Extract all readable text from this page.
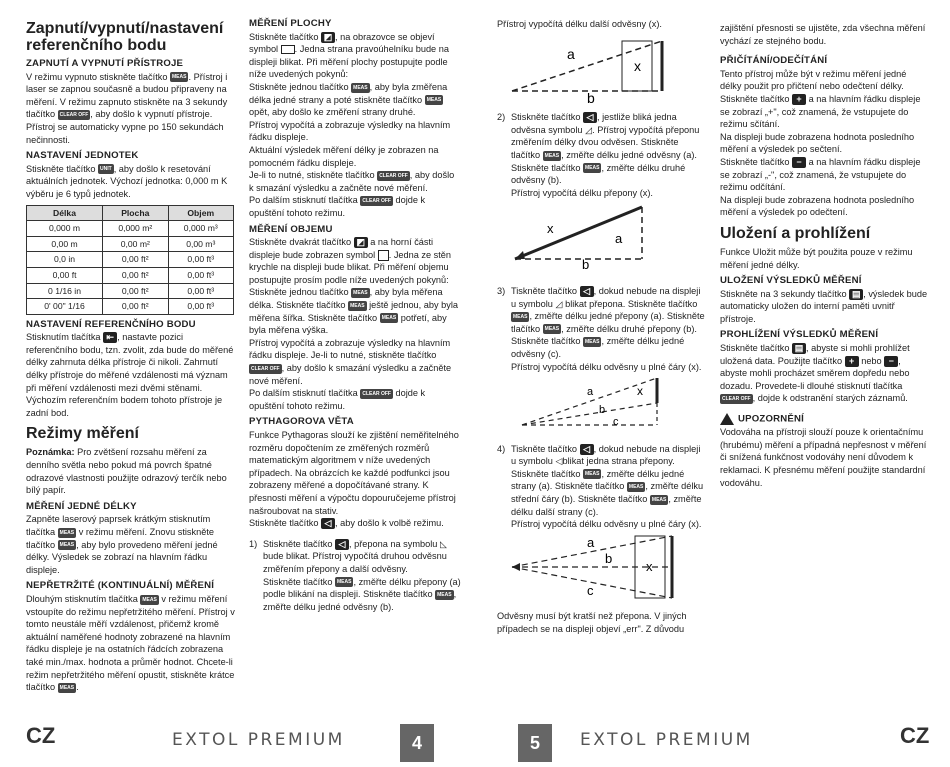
Zapnutí/vypnutí/nastavení referenčního bodu
ZAPNUTÍ A VYPNUTÍ PŘÍSTROJE

V režimu vypnuto stiskněte tlačítko MEAS . Přístroj i laser se zapnou současně a budou připraveny na měření. V režimu zapnuto stiskněte na 3 sekundy tlačítko CLEAR OFF , aby došlo k vypnutí přístroje. Přístroj se automaticky vypne po 150 sekundách nečinnosti.

NASTAVENÍ JEDNOTEK

Stiskněte tlačítko UNIT , aby došlo k resetování aktuálních jednotek. Výchozí jednotka: 0,000 m K výběru je 6 typů jednotek.

Délka	Plocha	Objem
0,000 m	0,000 m²	0,000 m³
0,00 m	0,00 m²	0,00 m³
0,0 in	0,00 ft²	0,00 ft³
0,00 ft	0,00 ft²	0,00 ft³
0 1/16 in	0,00 ft²	0,00 ft³
0' 00" 1/16	0,00 ft²	0,00 ft³
NASTAVENÍ REFERENČNÍHO BODU

Stisknutím tlačítka ⇤ , nastavte pozici referenčního bodu, tzn. zvolit, zda bude do měřené délky zahrnuta délka přístroje či nikoli. Zahrnutí délky přístroje do měřené vzdálenosti má význam při měření vzdálenosti mezi dvěmi stěnami. Výchozím referenčním bodem tohoto přístroje je zadní bod.

Režimy měření

Poznámka: Pro zvětšení rozsahu měření za denního světla nebo pokud má povrch špatné odrazové vlastnosti použijte odrazový terčík nebo bílý papír.

MĚŘENÍ JEDNÉ DÉLKY

Zapněte laserový paprsek krátkým stisknutím tlačítka MEAS v režimu měření. Znovu stiskněte tlačítko MEAS , aby bylo provedeno měření jedné délky. Výsledek se zobrazí na hlavním řádku displeje.

NEPŘETRŽITÉ (KONTINUÁLNÍ) MĚŘENÍ

Dlouhým stisknutím tlačítka MEAS v režimu měření vstoupíte do režimu nepřetržitého měření. Přístroj v tomto neustále měří vzdálenost, přičemž kromě aktuální naměřené hodnoty zobrazené na hlavním řádku displeje je na ostatních řádcích zobrazena také min./max. hodnota a průměr hodnot. Chcete-li režim nepřetržitého měření opustit, stiskněte krátce tlačítko MEAS .

MĚŘENÍ PLOCHY

Stiskněte tlačítko ◩ , na obrazovce se objeví symbol . Jedna strana pravoúhelníku bude na displeji blikat. Při měření plochy postupujte podle níže uvedených pokynů:
Stiskněte jednou tlačítko MEAS , aby byla změřena délka jedné strany a poté stiskněte tlačítko MEAS opět, aby došlo ke změření strany druhé.
Přístroj vypočítá a zobrazuje výsledky na hlavním řádku displeje.
Aktuální výsledek měření délky je zobrazen na pomocném řádku displeje.
Je-li to nutné, stiskněte tlačítko CLEAR OFF , aby došlo k smazání výsledku a začněte nové měření.
Po dalším stisknutí tlačítka CLEAR OFF dojde k opuštění tohoto režimu.

MĚŘENÍ OBJEMU

Stiskněte dvakrát tlačítko ◩ a na horní části displeje bude zobrazen symbol . Jedna ze stěn krychle na displeji bude blikat. Při měření objemu postupujte prosím podle níže uvedených pokynů:
Stiskněte jednou tlačítko MEAS , aby byla měřena délka. Stiskněte tlačítko MEAS ještě jednou, aby byla měřena šířka. Stiskněte tlačítko MEAS potřetí, aby byla měřena výška.
Přístroj vypočítá a zobrazuje výsledky na hlavním řádku displeje. Je-li to nutné, stiskněte tlačítko CLEAR OFF , aby došlo k smazání výsledku a začněte nové měření.
Po dalším stisknutí tlačítka CLEAR OFF dojde k opuštění tohoto režimu.

PYTHAGOROVA VĚTA

Funkce Pythagoras slouží ke zjištění neměřitelného rozměru dopočtením ze změřených rozměrů matematickým algoritmem v níže uvedených případech. Na obrázcích ke každé podfunkci jsou zobrazeny měřené a dopočítávané strany. K přesnosti měření a výpočtu dopouručejeme přístroj našroubovat na stativ.
Stiskněte tlačítko ◁ , aby došlo k volbě režimu.

1) Stiskněte tlačítko ◁ , přepona na symbolu ◺ bude blikat. Přístroj vypočítá druhou odvěsnu změřením přepony a další odvěsny.
Stiskněte tlačítko MEAS , změřte délku přepony (a) podle blikání na displeji. Stiskněte tlačítko MEAS , změřte délku jedné odvěsny (b).

Přístroj vypočítá délku další odvěsny (x).

a
b
x
2) Stiskněte tlačítko ◁ , jestliže bliká jedna odvěsna symbolu ◿. Přístroj vypočítá přeponu změřením délky dvou odvěsen. Stiskněte tlačítko MEAS , změřte délku jedné odvěsny (a). Stiskněte tlačítko MEAS , změřte délku druhé odvěsny (b).
Přístroj vypočítá délku přepony (x).

x
b
a
3) Tiskněte tlačítko ◁ , dokud nebude na displeji u symbolu ◿ blikat přepona. Stiskněte tlačítko MEAS , změřte délku jedné přepony (a). Stiskněte tlačítko MEAS , změřte délku druhé přepony (b). Stiskněte tlačítko MEAS , změřte délku jedné odvěsny (c).
Přístroj vypočítá délku odvěsny u plné čáry (x).

x
a
b
c
4) Tiskněte tlačítko ◁ , dokud nebude na displeji u symbolu ◁blikat jedna strana přepony. Stiskněte tlačítko MEAS , změřte délku jedné strany (a). Stiskněte tlačítko MEAS , změřte délku střední čáry (b). Stiskněte tlačítko MEAS , změřte délku další strany (c).
Přístroj vypočítá délku odvěsny u plné čáry (x).

a
b
c
x

Odvěsny musí být kratší než přepona. V jiných případech se na displeji objeví „err". Z důvodu

zajištění přesnosti se ujistěte, zda všechna měření vychází ze stejného bodu.

PŘIČÍTÁNÍ/ODEČÍTÁNÍ

Tento přístroj může být v režimu měření jedné délky použit pro přičtení nebo odečtení délky.
Stiskněte tlačítko + a na hlavním řádku displeje se zobrazí „+", což znamená, že vstupujete do režimu sčítání.
Na displeji bude zobrazena hodnota posledního měření a výsledek po sečtení.
Stiskněte tlačítko − a na hlavním řádku displeje se zobrazí „-", což znamená, že vstupujete do režimu odčítání.
Na displeji bude zobrazena hodnota posledního měření a výsledek po odečtení.

Uložení a prohlížení

Funkce Uložit může být použita pouze v režimu měření jedné délky.

ULOŽENÍ VÝSLEDKŮ MĚŘENÍ

Stiskněte na 3 sekundy tlačítko ▤ , výsledek bude automaticky uložen do interní paměti uvnitř přístroje.

PROHLÍŽENÍ VÝSLEDKŮ MĚŘENÍ

Stiskněte tlačítko ▤ , abyste si mohli prohlížet uložená data. Použijte tlačítko + nebo − , abyste mohli procházet směrem dopředu nebo dozadu. Provedete-li dlouhé stisknutí tlačítka CLEAR OFF , dojde k odstranění starých záznamů.

UPOZORNĚNÍ

Vodováha na přístroji slouží pouze k orientačnímu (hrubému) měření a případná nepřesnost v měření či snížená funkčnost vodováhy není důvodem k reklamaci. K přesnému měření použijte standardní vodováhu.

CZ	EXTOL PREMIUM	4	5	EXTOL PREMIUM	CZ
